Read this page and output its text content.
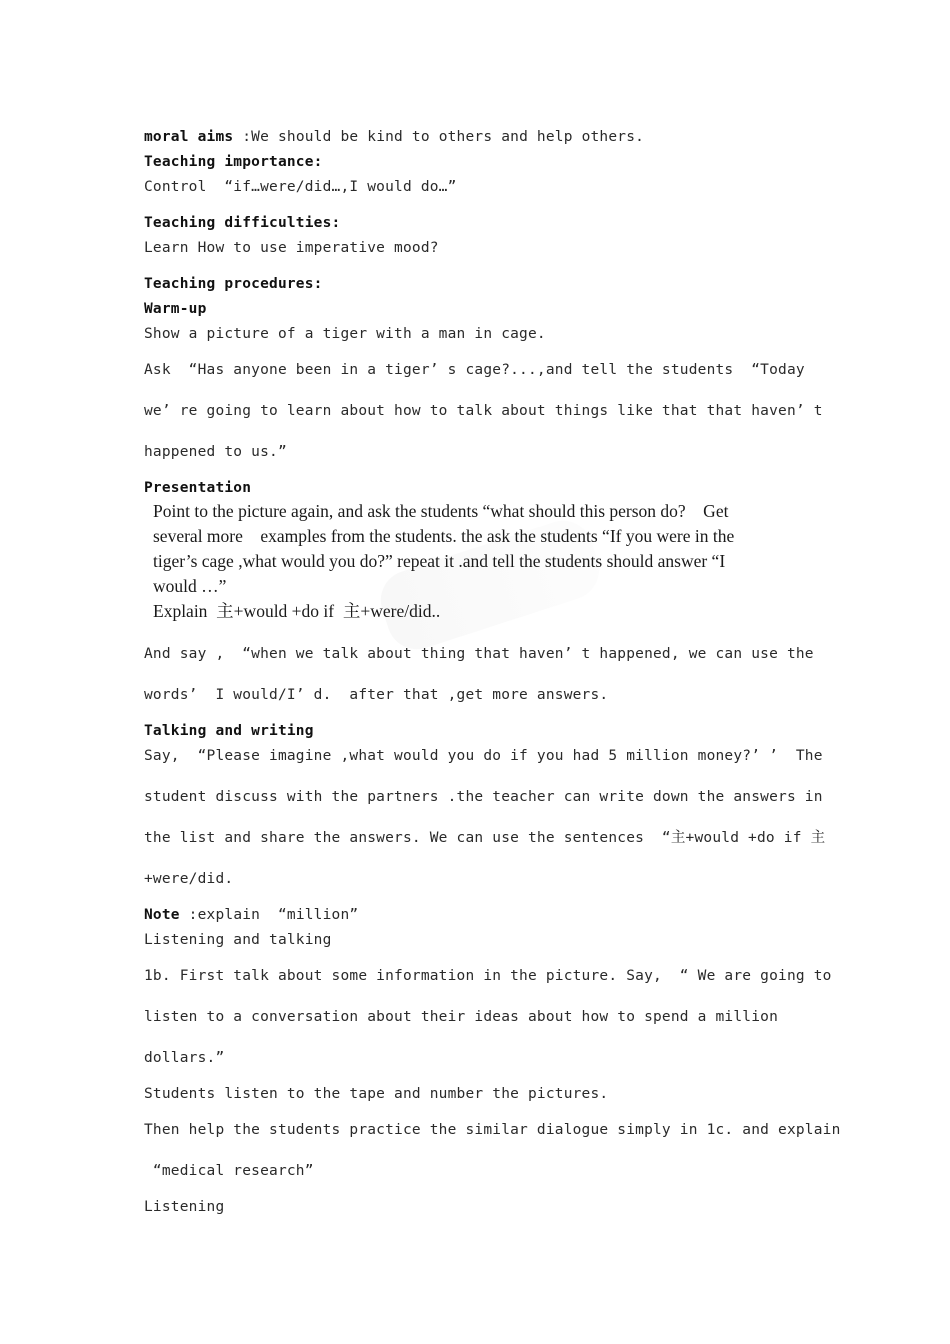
moral aims :We should be kind to others and help others.
Teaching importance:
Control  “if…were/did…,I would do…”
Teaching difficulties:
Learn How to use imperative mood?
Teaching procedures:
Warm-up
Show a picture of a tiger with a man in cage.
Ask  “Has anyone been in a tiger’ s cage?...,and tell the students  “Today
we’ re going to learn about how to talk about things like that that haven’ t
happened to us.”
Presentation
Point to the picture again, and ask the students “what should this person do?    Get
several more    examples from the students. the ask the students “If you were in the
tiger’s cage ,what would you do?” repeat it .and tell the students should answer “I
would …”
Explain  主+would +do if  主+were/did..
And say ,  “when we talk about thing that haven’ t happened, we can use the
words’  I would/I’ d.  after that ,get more answers.
Talking and writing
Say,  “Please imagine ,what would you do if you had 5 million money?’ ’  The
student discuss with the partners .the teacher can write down the answers in
the list and share the answers. We can use the sentences  “主+would +do if 主
+were/did.
Note :explain  “million”
Listening and talking
1b. First talk about some information in the picture. Say,  “ We are going to
listen to a conversation about their ideas about how to spend a million
dollars.”
Students listen to the tape and number the pictures.
Then help the students practice the similar dialogue simply in 1c. and explain
“medical research”
Listening
